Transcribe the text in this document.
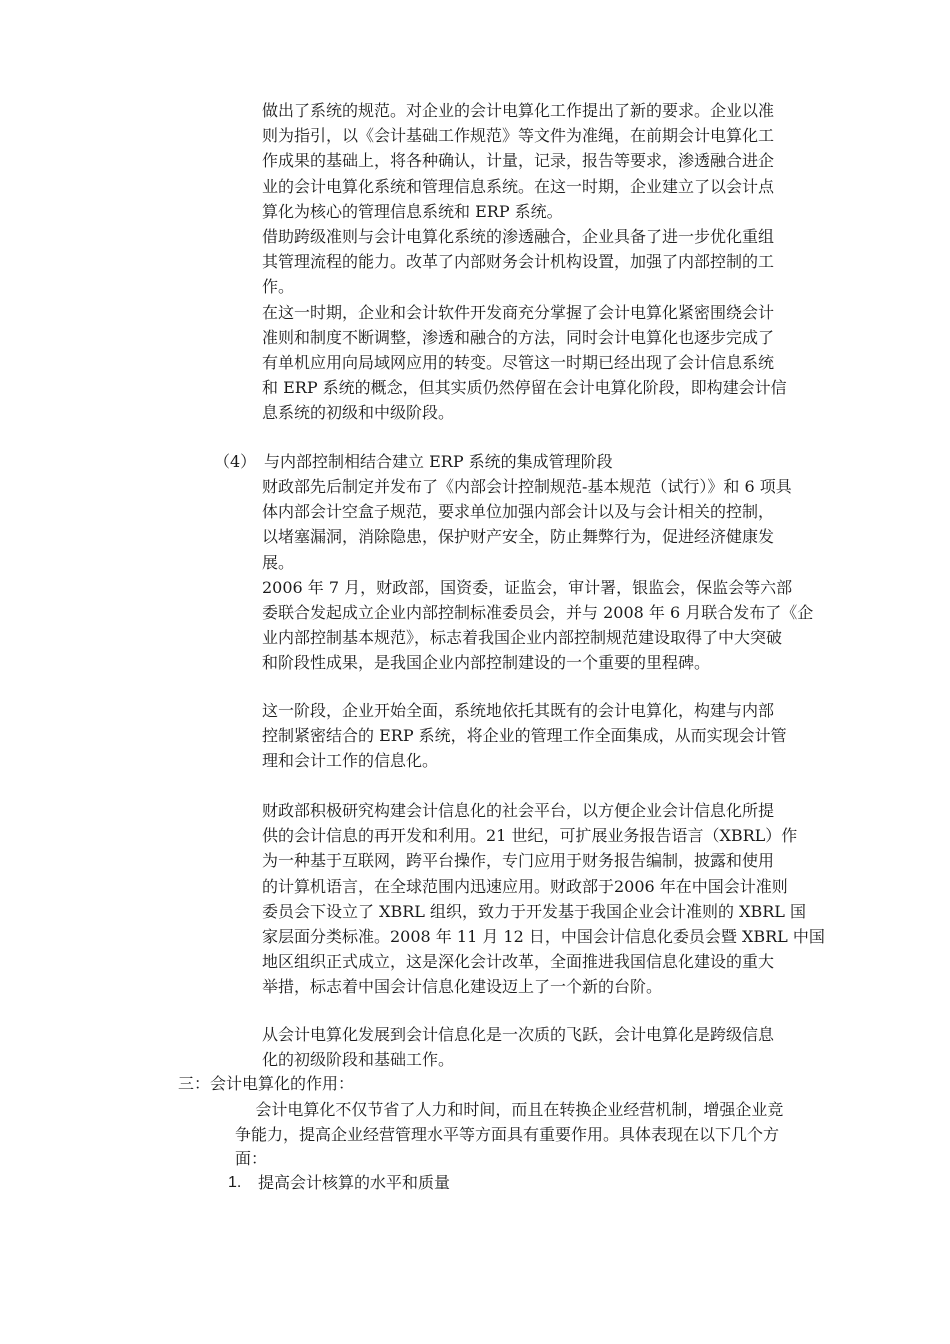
做出了系统的规范。对企业的会计电算化工作提出了新的要求。企业以准
则为指引，以《会计基础工作规范》等文件为准绳，在前期会计电算化工
作成果的基础上，将各种确认，计量，记录，报告等要求，渗透融合进企
业的会计电算化系统和管理信息系统。在这一时期，企业建立了以会计点
算化为核心的管理信息系统和 ERP 系统。
借助跨级准则与会计电算化系统的渗透融合，企业具备了进一步优化重组
其管理流程的能力。改革了内部财务会计机构设置，加强了内部控制的工
作。
在这一时期，企业和会计软件开发商充分掌握了会计电算化紧密围绕会计
准则和制度不断调整，渗透和融合的方法，同时会计电算化也逐步完成了
有单机应用向局域网应用的转变。尽管这一时期已经出现了会计信息系统
和 ERP 系统的概念，但其实质仍然停留在会计电算化阶段，即构建会计信
息系统的初级和中级阶段。
（4） 与内部控制相结合建立 ERP 系统的集成管理阶段
财政部先后制定并发布了《内部会计控制规范-基本规范（试行）》和 6 项具
体内部会计空盒子规范，要求单位加强内部会计以及与会计相关的控制，
以堵塞漏洞，消除隐患，保护财产安全，防止舞弊行为，促进经济健康发
展。
2006 年 7 月，财政部，国资委，证监会，审计署，银监会，保监会等六部
委联合发起成立企业内部控制标准委员会，并与 2008 年 6 月联合发布了《企
业内部控制基本规范》，标志着我国企业内部控制规范建设取得了中大突破
和阶段性成果，是我国企业内部控制建设的一个重要的里程碑。
这一阶段，企业开始全面，系统地依托其既有的会计电算化，构建与内部
控制紧密结合的 ERP 系统，将企业的管理工作全面集成，从而实现会计管
理和会计工作的信息化。
财政部积极研究构建会计信息化的社会平台，以方便企业会计信息化所提
供的会计信息的再开发和利用。21 世纪，可扩展业务报告语言（XBRL）作
为一种基于互联网，跨平台操作，专门应用于财务报告编制，披露和使用
的计算机语言，在全球范围内迅速应用。财政部于2006 年在中国会计准则
委员会下设立了 XBRL 组织，致力于开发基于我国企业会计准则的 XBRL 国
家层面分类标准。2008 年 11 月 12 日，中国会计信息化委员会暨 XBRL 中国
地区组织正式成立，这是深化会计改革，全面推进我国信息化建设的重大
举措，标志着中国会计信息化建设迈上了一个新的台阶。
从会计电算化发展到会计信息化是一次质的飞跃，会计电算化是跨级信息
化的初级阶段和基础工作。
三：会计电算化的作用：
会计电算化不仅节省了人力和时间，而且在转换企业经营机制，增强企业竞
争能力，提高企业经营管理水平等方面具有重要作用。具体表现在以下几个方
面：
1. 提高会计核算的水平和质量
